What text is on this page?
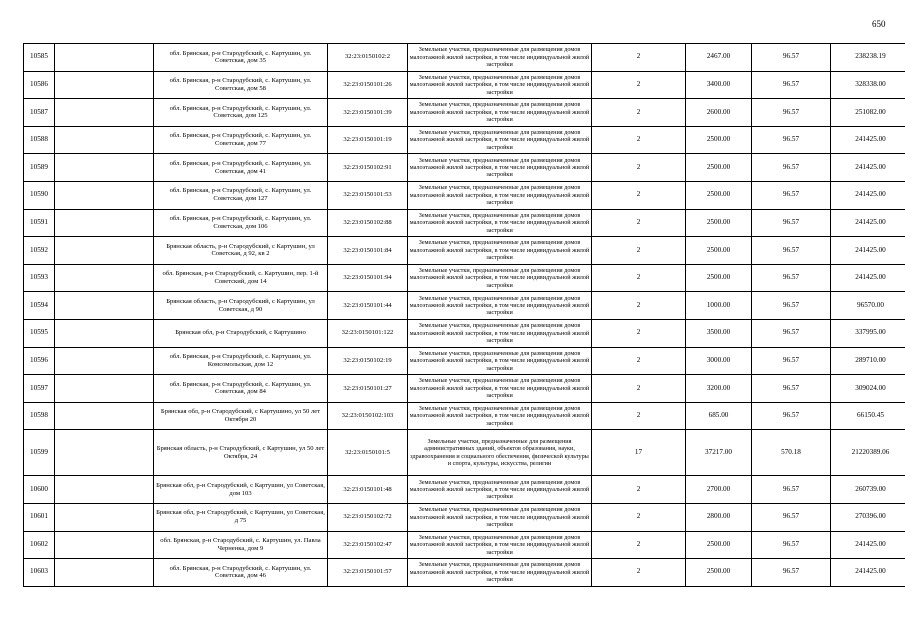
650
10585		обл. Брянская, р-н Стародубский, с. Картушин, ул. Советская, дом 35	32:23:0150102:2	Земельные участки, предназначенные для размещения домов малоэтажной жилой застройки, в том числе индивидуальной жилой застройки	2	2467.00	96.57	238238.19
10586		обл. Брянская, р-н Стародубский, с. Картушин, ул. Советская, дом 58	32:23:0150101:26	Земельные участки, предназначенные для размещения домов малоэтажной жилой застройки, в том числе индивидуальной жилой застройки	2	3400.00	96.57	328338.00
10587		обл. Брянская, р-н Стародубский, с. Картушин, ул. Советская, дом 125	32:23:0150101:39	Земельные участки, предназначенные для размещения домов малоэтажной жилой застройки, в том числе индивидуальной жилой застройки	2	2600.00	96.57	251082.00
10588		обл. Брянская, р-н Стародубский, с. Картушин, ул. Советская, дом 77	32:23:0150101:19	Земельные участки, предназначенные для размещения домов малоэтажной жилой застройки, в том числе индивидуальной жилой застройки	2	2500.00	96.57	241425.00
10589		обл. Брянская, р-н Стародубский, с. Картушин, ул. Советская, дом 41	32:23:0150102:91	Земельные участки, предназначенные для размещения домов малоэтажной жилой застройки, в том числе индивидуальной жилой застройки	2	2500.00	96.57	241425.00
10590		обл. Брянская, р-н Стародубский, с. Картушин, ул. Советская, дом 127	32:23:0150101:53	Земельные участки, предназначенные для размещения домов малоэтажной жилой застройки, в том числе индивидуальной жилой застройки	2	2500.00	96.57	241425.00
10591		обл. Брянская, р-н Стародубский, с. Картушин, ул. Советская, дом 106	32:23:0150102:88	Земельные участки, предназначенные для размещения домов малоэтажной жилой застройки, в том числе индивидуальной жилой застройки	2	2500.00	96.57	241425.00
10592		Брянская область, р-н Стародубский, с Картушин, ул Советская, д 92, кв 2	32:23:0150101:84	Земельные участки, предназначенные для размещения домов малоэтажной жилой застройки, в том числе индивидуальной жилой застройки	2	2500.00	96.57	241425.00
10593		обл. Брянская, р-н Стародубский, с. Картушин, пер. 1-й Советский, дом 14	32:23:0150101:94	Земельные участки, предназначенные для размещения домов малоэтажной жилой застройки, в том числе индивидуальной жилой застройки	2	2500.00	96.57	241425.00
10594		Брянская область, р-н Стародубский, с Картушин, ул Советская, д 90	32:23:0150101:44	Земельные участки, предназначенные для размещения домов малоэтажной жилой застройки, в том числе индивидуальной жилой застройки	2	1000.00	96.57	96570.00
10595		Брянская обл, р-н Стародубский, с Картушино	32:23:0150101:122	Земельные участки, предназначенные для размещения домов малоэтажной жилой застройки, в том числе индивидуальной жилой застройки	2	3500.00	96.57	337995.00
10596		обл. Брянская, р-н Стародубский, с. Картушин, ул. Комсомольская, дом 12	32:23:0150102:19	Земельные участки, предназначенные для размещения домов малоэтажной жилой застройки, в том числе индивидуальной жилой застройки	2	3000.00	96.57	289710.00
10597		обл. Брянская, р-н Стародубский, с. Картушин, ул. Советская, дом 84	32:23:0150101:27	Земельные участки, предназначенные для размещения домов малоэтажной жилой застройки, в том числе индивидуальной жилой застройки	2	3200.00	96.57	309024.00
10598		Брянская обл, р-н Стародубский, с Картушино, ул 50 лет Октября 20	32:23:0150102:103	Земельные участки, предназначенные для размещения домов малоэтажной жилой застройки, в том числе индивидуальной жилой застройки	2	685.00	96.57	66150.45
10599		Брянская область, р-н Стародубский, с Картушин, ул 50 лет Октября, 24	32:23:0150101:5	Земельные участки, предназначенные для размещения административных зданий, объектов образования, науки, здравоохранения и социального обеспечения, физической культуры и спорта, культуры, искусства, религии	17	37217.00	570.18	21220389.06
10600		Брянская обл, р-н Стародубский, с Картушин, ул Советская, дом 103	32:23:0150101:48	Земельные участки, предназначенные для размещения домов малоэтажной жилой застройки, в том числе индивидуальной жилой застройки	2	2700.00	96.57	260739.00
10601		Брянская обл, р-н Стародубский, с Картушин, ул Советская, д 75	32:23:0150102:72	Земельные участки, предназначенные для размещения домов малоэтажной жилой застройки, в том числе индивидуальной жилой застройки	2	2800.00	96.57	270396.00
10602		обл. Брянская, р-н Стародубский, с. Картушин, ул. Павла Черненка, дом 9	32:23:0150102:47	Земельные участки, предназначенные для размещения домов малоэтажной жилой застройки, в том числе индивидуальной жилой застройки	2	2500.00	96.57	241425.00
10603		обл. Брянская, р-н Стародубский, с. Картушин, ул. Советская, дом 46	32:23:0150101:57	Земельные участки, предназначенные для размещения домов малоэтажной жилой застройки, в том числе индивидуальной жилой застройки	2	2500.00	96.57	241425.00
